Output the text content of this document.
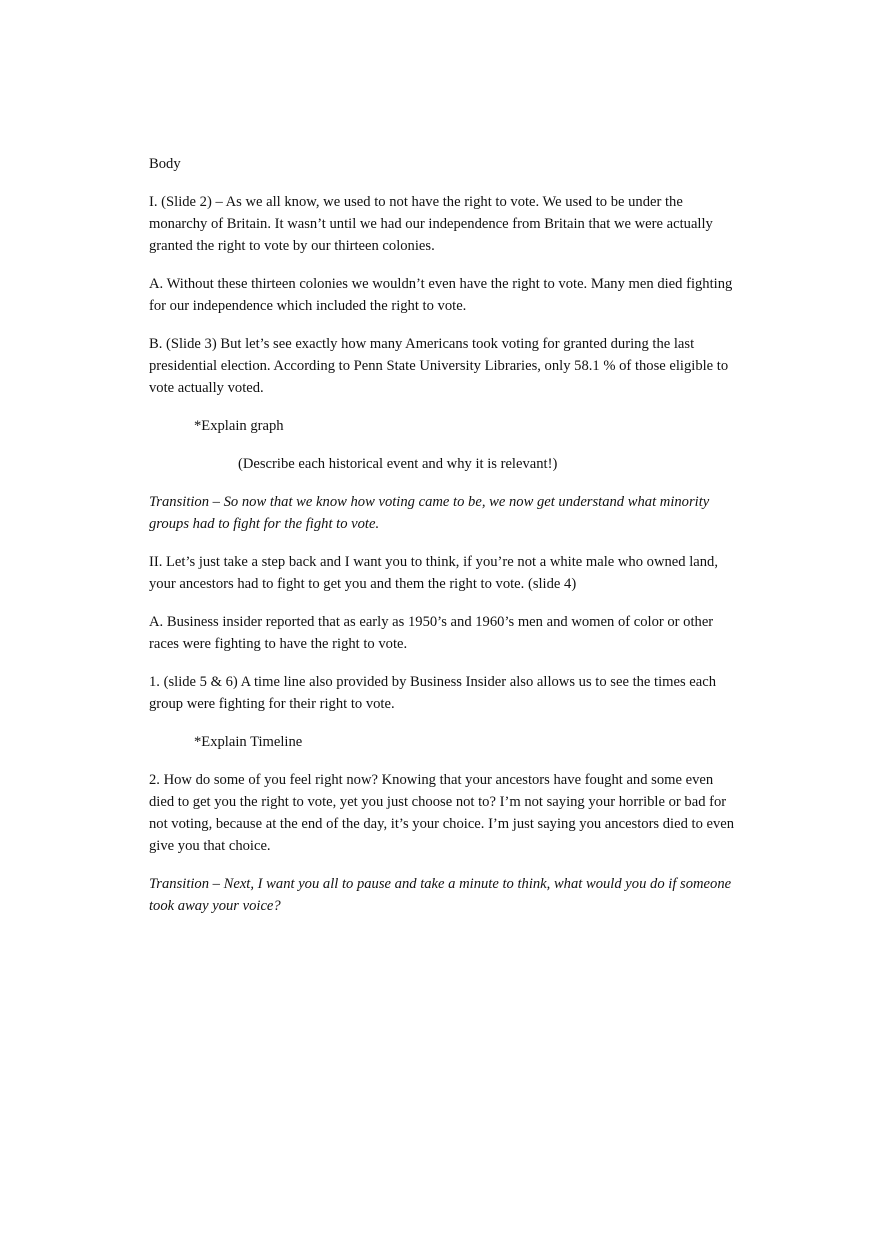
Body

I. (Slide 2) – As we all know, we used to not have the right to vote. We used to be under the monarchy of Britain. It wasn’t until we had our independence from Britain that we were actually granted the right to vote by our thirteen colonies.

A. Without these thirteen colonies we wouldn’t even have the right to vote. Many men died fighting for our independence which included the right to vote.

B. (Slide 3) But let’s see exactly how many Americans took voting for granted during the last presidential election. According to Penn State University Libraries, only 58.1 % of those eligible to vote actually voted.

*Explain graph

(Describe each historical event and why it is relevant!)

Transition – So now that we know how voting came to be, we now get understand what minority groups had to fight for the fight to vote.

II. Let’s just take a step back and I want you to think, if you’re not a white male who owned land, your ancestors had to fight to get you and them the right to vote. (slide 4)

A. Business insider reported that as early as 1950’s and 1960’s men and women of color or other races were fighting to have the right to vote.

1. (slide 5 & 6) A time line also provided by Business Insider also allows us to see the times each group were fighting for their right to vote.

*Explain Timeline

2. How do some of you feel right now? Knowing that your ancestors have fought and some even died to get you the right to vote, yet you just choose not to? I’m not saying your horrible or bad for not voting, because at the end of the day, it’s your choice. I’m just saying you ancestors died to even give you that choice.

Transition – Next, I want you all to pause and take a minute to think, what would you do if someone took away your voice?
